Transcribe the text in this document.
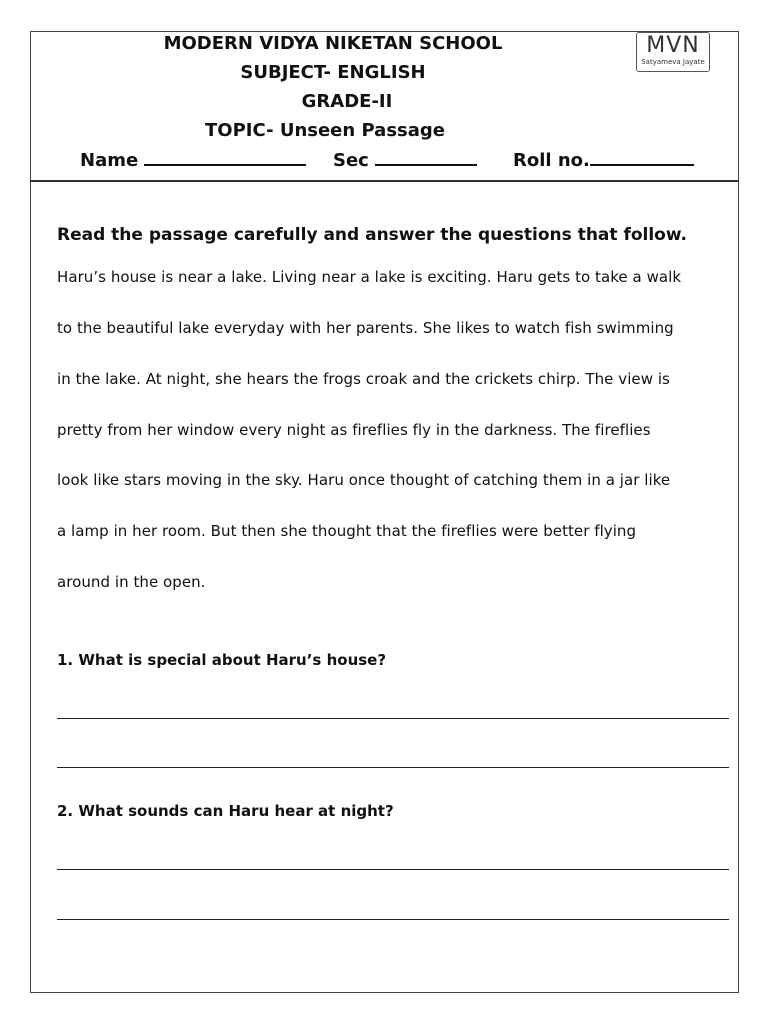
MODERN VIDYA NIKETAN SCHOOL
SUBJECT- ENGLISH
GRADE-II
TOPIC- Unseen Passage
MVN
Satyamevа Jayate
Name	Sec	Roll no.
Read the passage carefully and answer the questions that follow.
Haru’s house is near a lake. Living near a lake is exciting. Haru gets to take a walk
to the beautiful lake everyday with her parents. She likes to watch fish swimming
in the lake. At night, she hears the frogs croak and the crickets chirp. The view is
pretty from her window every night as fireflies fly in the darkness. The fireflies
look like stars moving in the sky. Haru once thought of catching them in a jar like
a lamp in her room. But then she thought that the fireflies were better flying
around in the open.
1. What is special about Haru’s house?
2. What sounds can Haru hear at night?
